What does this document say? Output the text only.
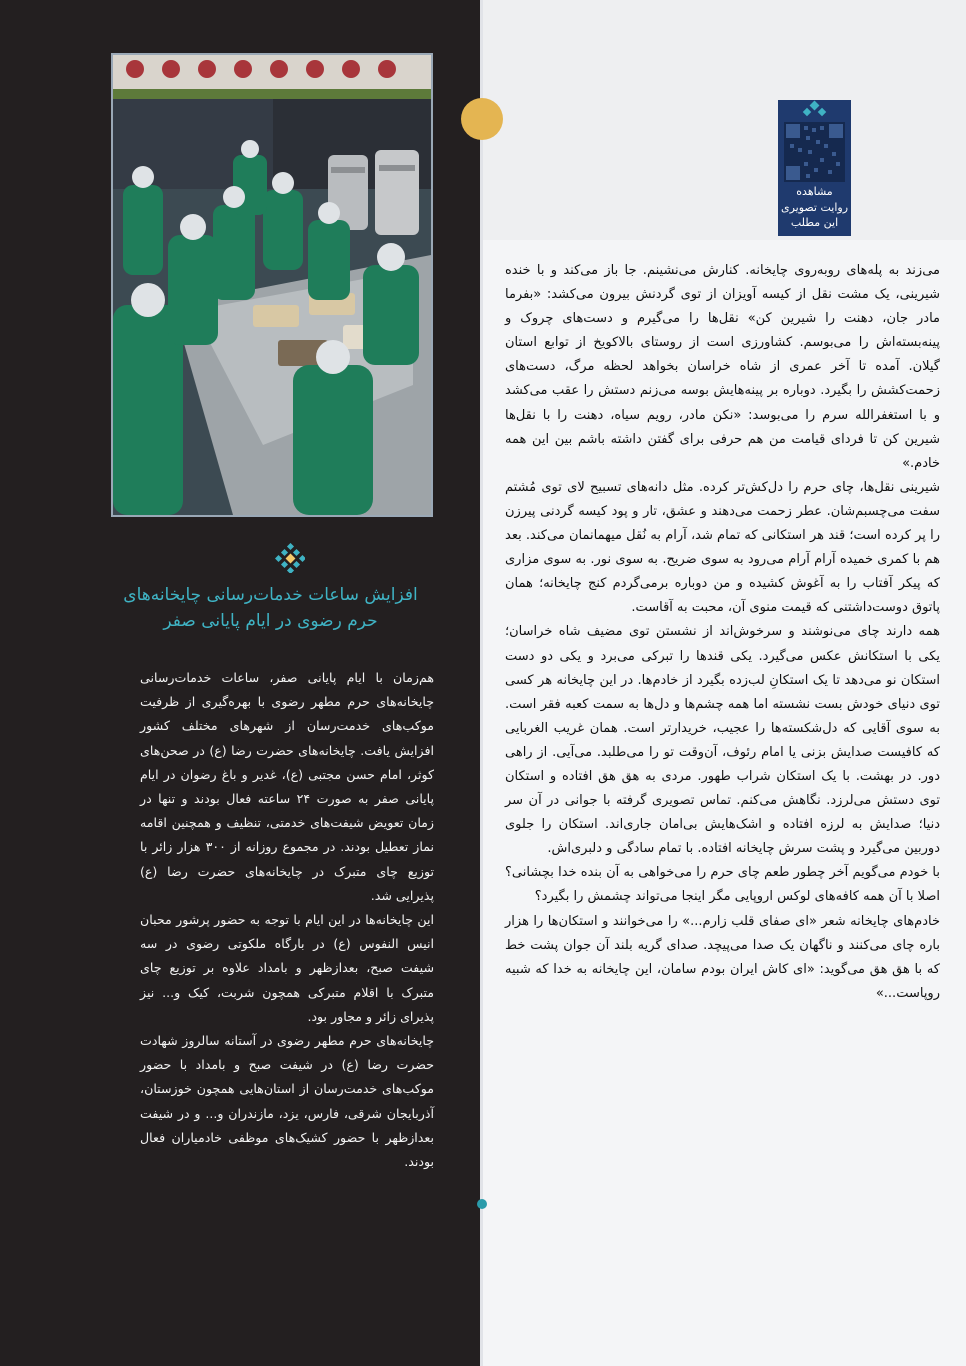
افزایش ساعات خدمات‌رسانی چایخانه‌های
حرم رضوی در ایام پایانی صفر

هم‌زمان با ایام پایانی صفر، ساعات خدمات‌رسانی چایخانه‌های حرم مطهر رضوی با بهره‌گیری از ظرفیت موکب‌های خدمت‌رسان از شهرهای مختلف کشور افزایش یافت. چایخانه‌های حضرت رضا (ع) در صحن‌های کوثر، امام حسن مجتبی (ع)، غدیر و باغ رضوان در ایام پایانی صفر به صورت ۲۴ ساعته فعال بودند و تنها در زمان تعویض شیفت‌های خدمتی، تنظیف و همچنین اقامه نماز تعطیل بودند. در مجموع روزانه از ۳۰۰ هزار زائر با توزیع چای متبرک در چایخانه‌های حضرت رضا (ع) پذیرایی شد.

این چایخانه‌ها در این ایام با توجه به حضور پرشور محبان انیس النفوس (ع) در بارگاه ملکوتی رضوی در سه شیفت صبح، بعدازظهر و بامداد علاوه بر توزیع چای متبرک با اقلام متبرکی همچون شربت، کیک و... نیز پذیرای زائر و مجاور بود.

چایخانه‌های حرم مطهر رضوی در آستانه سالروز شهادت حضرت رضا (ع) در شیفت صبح و بامداد با حضور موکب‌های خدمت‌رسان از استان‌هایی همچون خوزستان، آذربایجان شرقی، فارس، یزد، مازندران و... و در شیفت بعدازظهر با حضور کشیک‌های موظفی خادمیاران فعال بودند.

مشاهده
روایت تصویری
این مطلب

می‌زند به پله‌های روبه‌روی چایخانه. کنارش می‌نشینم. جا باز می‌کند و با خنده شیرینی، یک مشت نقل از کیسه آویزان از توی گردنش بیرون می‌کشد: «بفرما مادر جان، دهنت را شیرین کن» نقل‌ها را می‌گیرم و دست‌های چروک و پینه‌بسته‌اش را می‌بوسم. کشاورزی است از روستای بالاکویخ از توابع استان گیلان. آمده تا آخر عمری از شاه خراسان بخواهد لحظه مرگ، دست‌های زحمت‌کشش را بگیرد. دوباره بر پینه‌هایش بوسه می‌زنم دستش را عقب می‌کشد و با استغفرالله سرم را می‌بوسد: «نکن مادر، رویم سیاه، دهنت را با نقل‌ها شیرین کن تا فردای قیامت من هم حرفی برای گفتن داشته باشم بین این همه خادم.»

شیرینی نقل‌ها، چای حرم را دل‌کش‌تر کرده. مثل دانه‌های تسبیح لای توی مُشتم سفت می‌چسبم‌شان. عطر زحمت می‌دهند و عشق، تار و پود کیسه گردنی پیرزن را پر کرده است؛ قند هر استکانی که تمام شد، آرام به نُقل میهمانمان می‌کند. بعد هم با کمری خمیده آرام آرام می‌رود به سوی ضریح. به سوی نور. به سوی مزاری که پیکر آفتاب را به آغوش کشیده و من دوباره برمی‌گردم کنج چایخانه؛ همان پاتوق دوست‌داشتنی که قیمت منوی آن، محبت به آقاست.

همه دارند چای می‌نوشند و سرخوش‌اند از نشستن توی مضیف شاه خراسان؛ یکی با استکانش عکس می‌گیرد. یکی قندها را تبرکی می‌برد و یکی دو دست استکان نو می‌دهد تا یک استکانِ لب‌زده بگیرد از خادم‌ها. در این چایخانه هر کسی توی دنیای خودش بست نشسته اما همه چشم‌ها و دل‌ها به سمت کعبه فقر است. به سوی آقایی که دل‌شکسته‌ها را عجیب، خریدارتر است. همان غریب الغربایی که کافیست صدایش بزنی یا امام رئوف، آن‌وقت تو را می‌طلبد. می‌آیی. از راهی دور. در بهشت. با یک استکان شراب طهور. مردی به هق هق افتاده و استکان توی دستش می‌لرزد. نگاهش می‌کنم. تماس تصویری گرفته با جوانی در آن سر دنیا؛ صدایش به لرزه افتاده و اشک‌هایش بی‌امان جاری‌اند. استکان را جلوی دوربین می‌گیرد و پشت سرش چایخانه افتاده. با تمام سادگی و دلبری‌اش.

با خودم می‌گویم آخر چطور طعم چای حرم را می‌خواهی به آن بنده خدا بچشانی؟ اصلا با آن همه کافه‌های لوکس اروپایی مگر اینجا می‌تواند چشمش را بگیرد؟

خادم‌های چایخانه شعر «ای صفای قلب زارم...» را می‌خوانند و استکان‌ها را هزار باره چای می‌کنند و ناگهان یک صدا می‌پیچد. صدای گریه بلند آن جوان پشت خط که با هق هق می‌گوید: «ای کاش ایران بودم سامان، این چایخانه به خدا که شبیه روپاست...»
